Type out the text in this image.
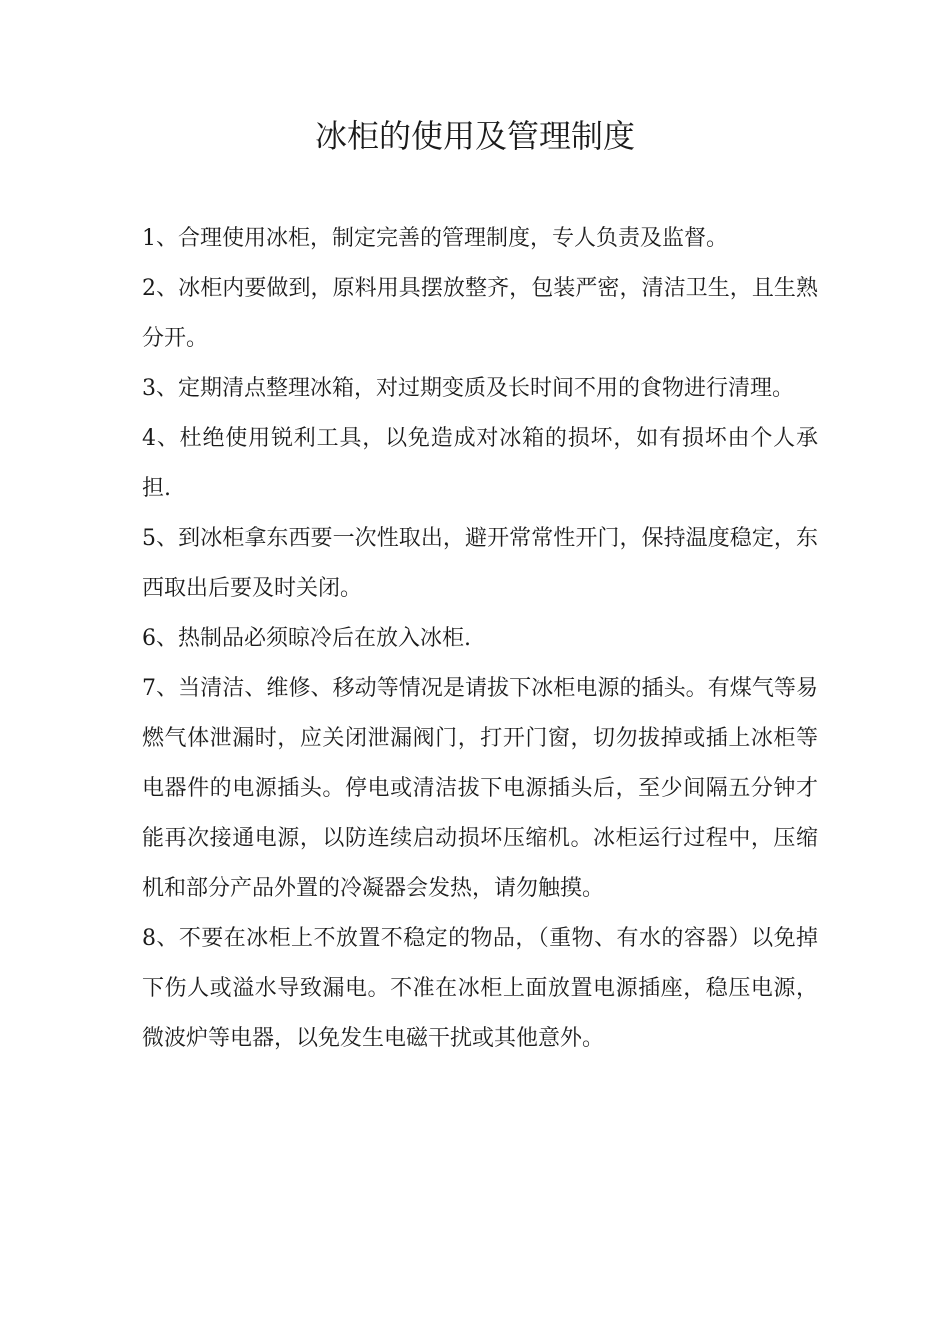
冰柜的使用及管理制度
1、合理使用冰柜，制定完善的管理制度，专人负责及监督。
2、冰柜内要做到，原料用具摆放整齐，包装严密，清洁卫生，且生熟分开。
3、定期清点整理冰箱，对过期变质及长时间不用的食物进行清理。
4、杜绝使用锐利工具，以免造成对冰箱的损坏，如有损坏由个人承担.
5、到冰柜拿东西要一次性取出，避开常常性开门，保持温度稳定，东西取出后要及时关闭。
6、热制品必须晾冷后在放入冰柜.
7、当清洁、维修、移动等情况是请拔下冰柜电源的插头。有煤气等易燃气体泄漏时，应关闭泄漏阀门，打开门窗，切勿拔掉或插上冰柜等电器件的电源插头。停电或清洁拔下电源插头后，至少间隔五分钟才能再次接通电源，以防连续启动损坏压缩机。冰柜运行过程中，压缩机和部分产品外置的冷凝器会发热，请勿触摸。
8、不要在冰柜上不放置不稳定的物品，（重物、有水的容器）以免掉下伤人或溢水导致漏电。不准在冰柜上面放置电源插座，稳压电源，微波炉等电器，以免发生电磁干扰或其他意外。
